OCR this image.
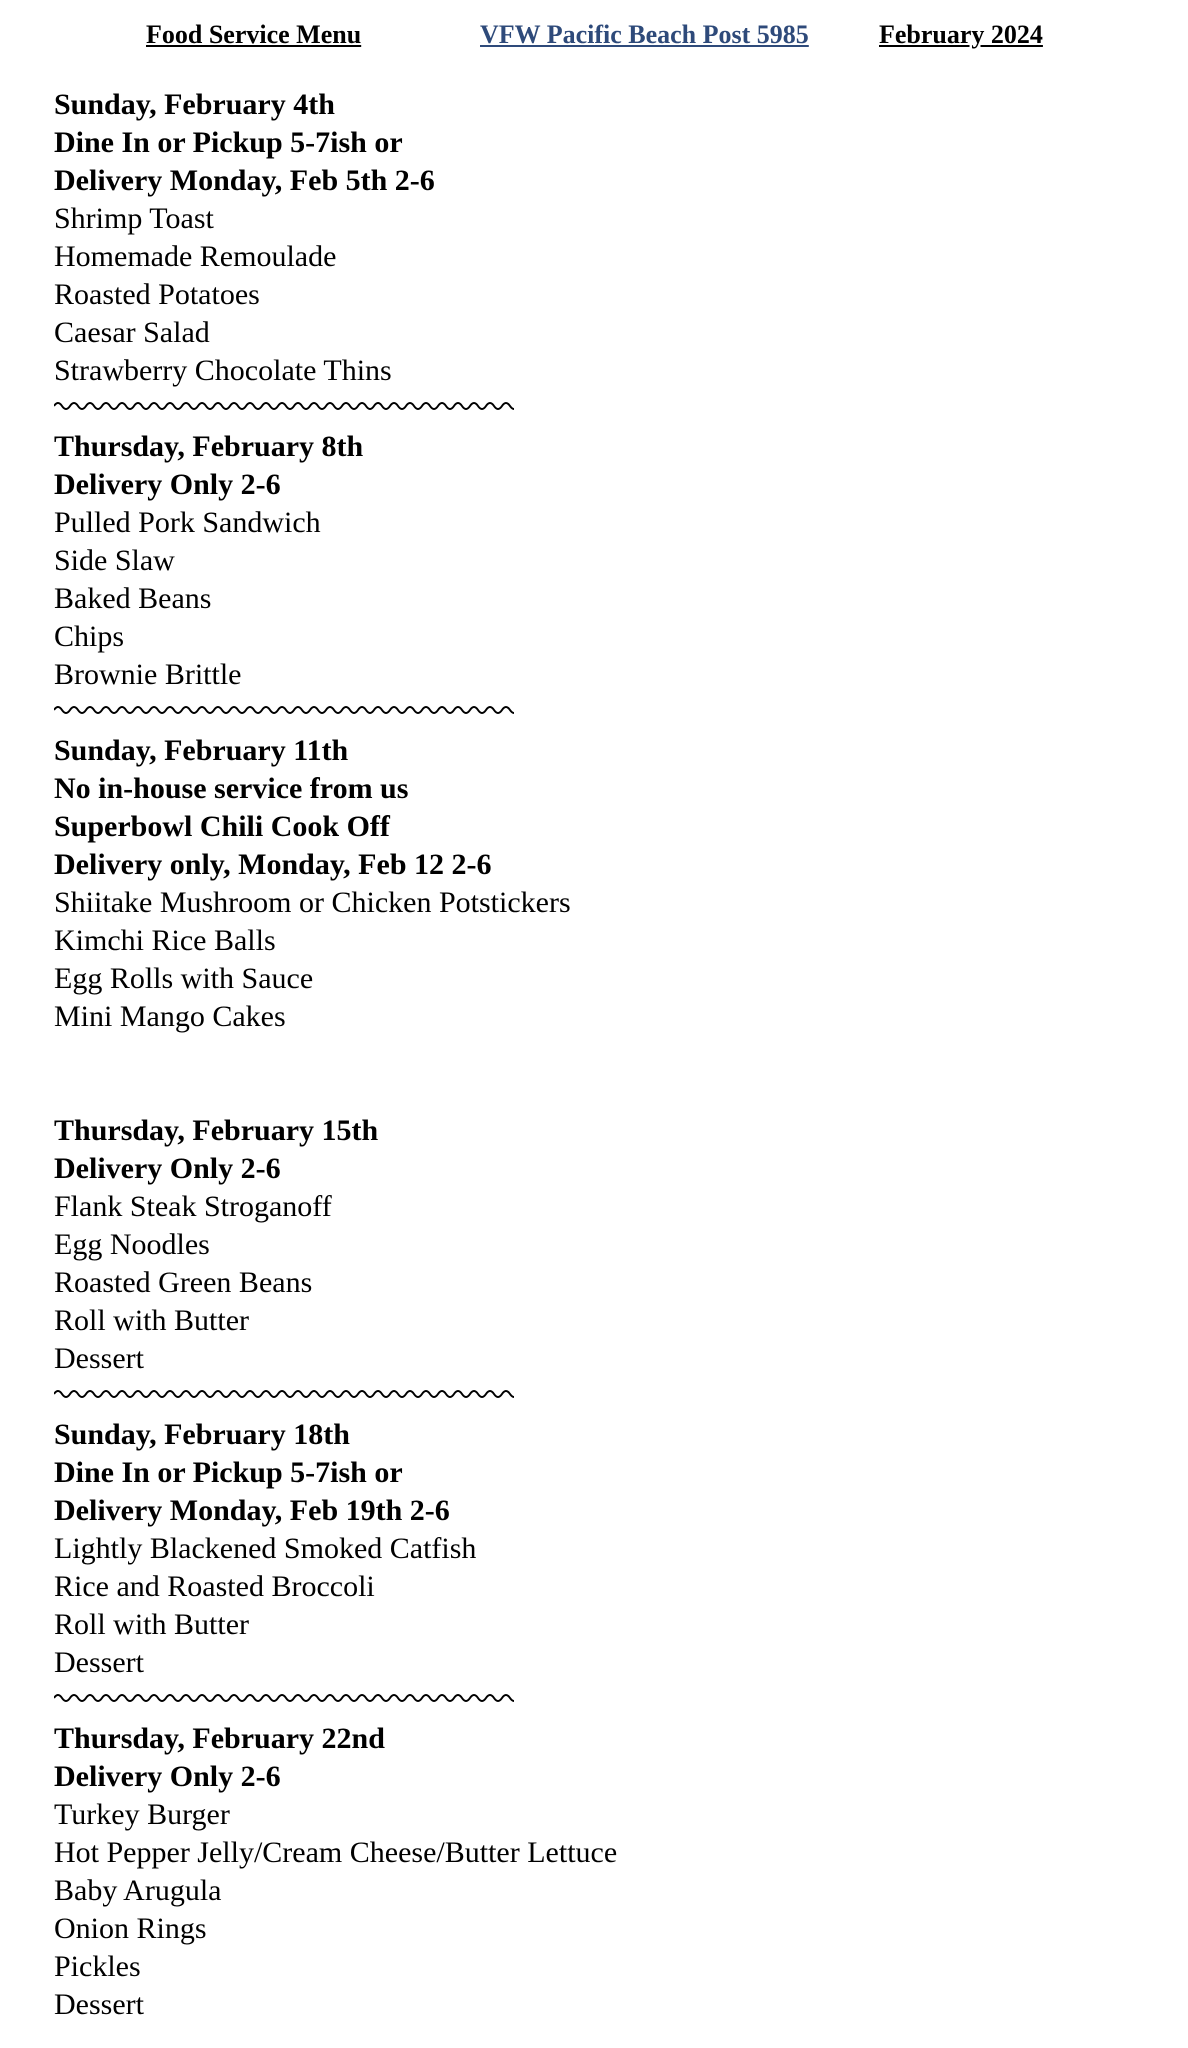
Food Service Menu	VFW Pacific Beach Post 5985	February 2024
Sunday, February 4th
Dine In or Pickup 5-7ish or
Delivery Monday, Feb 5th 2-6
Shrimp Toast
Homemade Remoulade
Roasted Potatoes
Caesar Salad
Strawberry Chocolate Thins
Thursday, February 8th
Delivery Only 2-6
Pulled Pork Sandwich
Side Slaw
Baked Beans
Chips
Brownie Brittle
Sunday, February 11th
No in-house service from us
Superbowl Chili Cook Off
Delivery only, Monday, Feb 12 2-6
Shiitake Mushroom or Chicken Potstickers
Kimchi Rice Balls
Egg Rolls with Sauce
Mini Mango Cakes
Thursday, February 15th
Delivery Only 2-6
Flank Steak Stroganoff
Egg Noodles
Roasted Green Beans
Roll with Butter
Dessert
Sunday, February 18th
Dine In or Pickup 5-7ish or
Delivery Monday, Feb 19th 2-6
Lightly Blackened Smoked Catfish
Rice and Roasted Broccoli
Roll with Butter
Dessert
Thursday, February 22nd
Delivery Only 2-6
Turkey Burger
Hot Pepper Jelly/Cream Cheese/Butter Lettuce
Baby Arugula
Onion Rings
Pickles
Dessert
